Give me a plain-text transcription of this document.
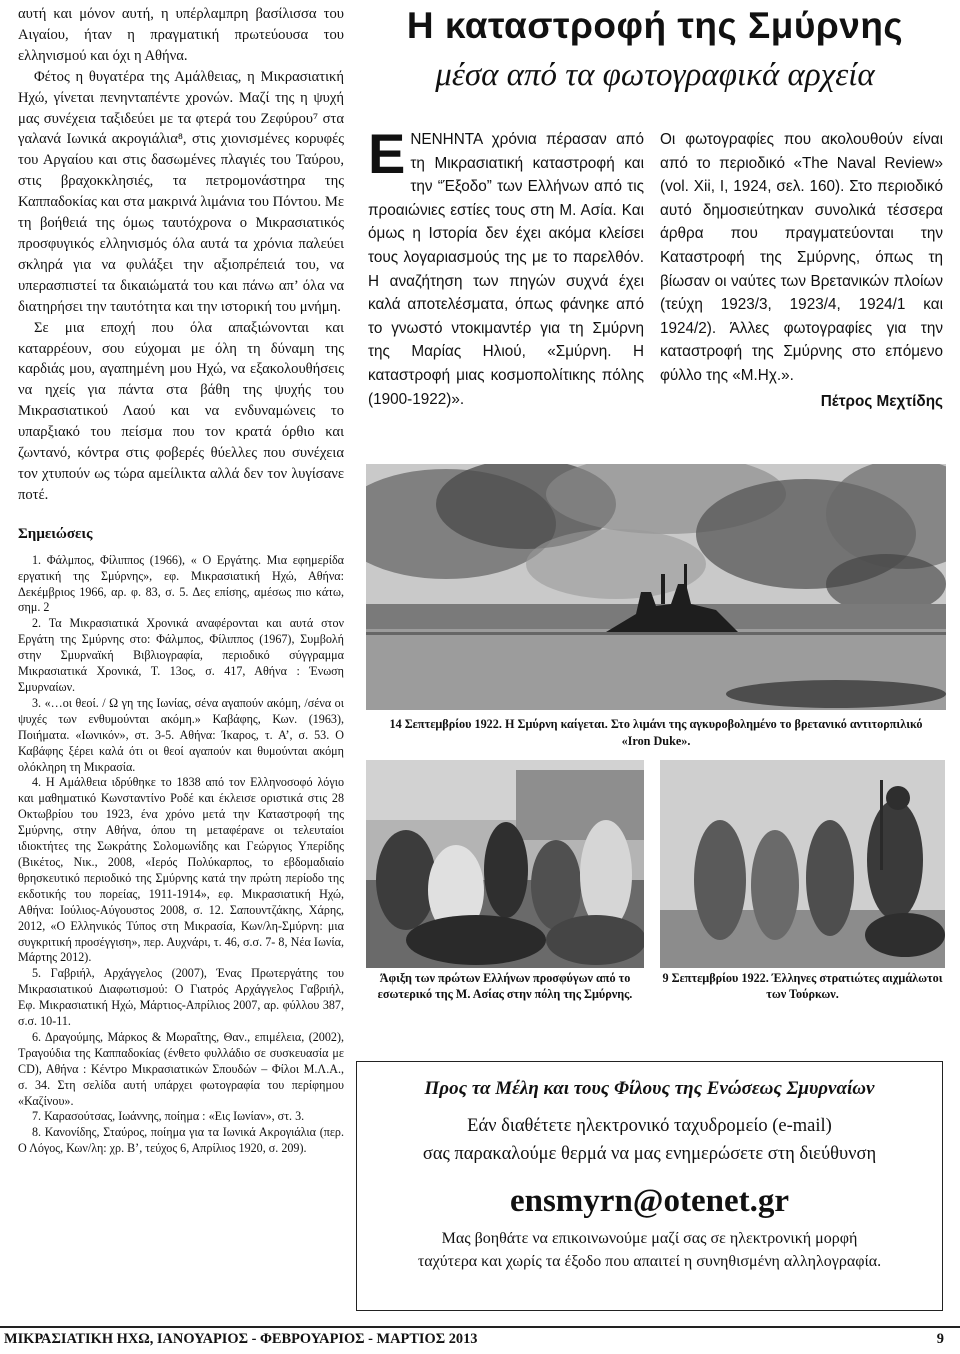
αυτή και μόνον αυτή, η υπέρλαμπρη βασίλισσα του Αιγαίου, ήταν η πραγματική πρωτεύουσα του ελληνισμού και όχι η Αθήνα.

Φέτος η θυγατέρα της Αμάλθειας, η Μικρασιατική Ηχώ, γίνεται πενηνταπέντε χρονών. Μαζί της η ψυχή μας συνέχεια ταξιδεύει με τα φτερά του Ζεφύρου⁷ στα γαλανά Ιωνικά ακρογιάλια⁸, στις χιονισμένες κορυφές του Αργαίου και στις δασωμένες πλαγιές του Ταύρου, στις βραχοκκλησιές, τα πετρομονάστηρα της Καππαδοκίας και στα μακρινά λιμάνια του Πόντου. Με τη βοήθειά της όμως ταυτόχρονα ο Μικρασιατικός προσφυγικός ελληνισμός όλα αυτά τα χρόνια παλεύει σκληρά για να φυλάξει την αξιοπρέπειά του, να υπερασπιστεί τα δικαιώματά του και πάνω απ’ όλα να διατηρήσει την ταυτότητα και την ιστορική του μνήμη.

Σε μια εποχή που όλα απαξιώνονται και καταρρέουν, σου εύχομαι με όλη τη δύναμη της καρδιάς μου, αγαπημένη μου Ηχώ, να εξακολουθήσεις να ηχείς για πάντα στα βάθη της ψυχής του Μικρασιατικού Λαού και να ενδυναμώνεις το υπαρξιακό του πείσμα που τον κρατά όρθιο και ζωντανό, κόντρα στις φοβερές θύελλες που συνέχεια τον χτυπούν ως τώρα αμείλικτα αλλά δεν τον λυγίσανε ποτέ.

Σημειώσεις

1. Φάλμπος, Φίλιππος (1966), « Ο Εργάτης. Μια εφημερίδα εργατική της Σμύρνης», εφ. Μικρασιατική Ηχώ, Αθήνα: Δεκέμβριος 1966, αρ. φ. 83, σ. 5. Δες επίσης, αμέσως πιο κάτω, σημ. 2

2. Τα Μικρασιατικά Χρονικά αναφέρονται και αυτά στον Εργάτη της Σμύρνης στο: Φάλμπος, Φίλιππος (1967), Συμβολή στην Σμυρναϊκή Βιβλιογραφία, περιοδικό σύγγραμμα Μικρασιατικά Χρονικά, Τ. 13ος, σ. 417, Αθήνα : Ένωση Σμυρναίων.

3. «…οι θεοί. / Ω γη της Ιωνίας, σένα αγαπούν ακόμη, /σένα οι ψυχές των ενθυμούνται ακόμη.» Καβάφης, Κων. (1963), Ποιήματα. «Ιωνικόν», στ. 3-5. Αθήνα: Ίκαρος, τ. Α’, σ. 53. Ο Καβάφης ξέρει καλά ότι οι θεοί αγαπούν και θυμούνται ακόμη ολόκληρη τη Μικρασία.

4. Η Αμάλθεια ιδρύθηκε το 1838 από τον Ελληνοσοφό λόγιο και μαθηματικό Κωνσταντίνο Ροδέ και έκλεισε οριστικά στις 28 Οκτωβρίου του 1923, ένα χρόνο μετά την Καταστροφή της Σμύρνης, στην Αθήνα, όπου τη μεταφέρανε οι τελευταίοι ιδιοκτήτες της Σωκράτης Σολομωνίδης και Γεώργιος Υπερίδης (Βικέτος, Νικ., 2008, «Ιερός Πολύκαρπος, το εβδομαδιαίο θρησκευτικό περιοδικό της Σμύρνης κατά την πρώτη περίοδο της εκδοτικής του πορείας, 1911-1914», εφ. Μικρασιατική Ηχώ, Αθήνα: Ιούλιος-Αύγουστος 2008, σ. 12. Σαπουντζάκης, Χάρης, 2012, «Ο Ελληνικός Τύπος στη Μικρασία, Κων/λη-Σμύρνη: μια συγκριτική προσέγγιση», περ. Αυχνάρι, τ. 46, σ.σ. 7- 8, Νέα Ιωνία, Μάρτης 2012).

5. Γαβριήλ, Αρχάγγελος (2007), Ένας Πρωτεργάτης του Μικρασιατικού Διαφωτισμού: Ο Γιατρός Αρχάγγελος Γαβριήλ, Εφ. Μικρασιατική Ηχώ, Μάρτιος-Απρίλιος 2007, αρ. φύλλου 387, σ.σ. 10-11.

6. Δραγούμης, Μάρκος & Μωραΐτης, Θαν., επιμέλεια, (2002), Τραγούδια της Καππαδοκίας (ένθετο φυλλάδιο σε συσκευασία με CD), Αθήνα : Κέντρο Μικρασιατικών Σπουδών – Φίλοι Μ.Λ.Α., σ. 34. Στη σελίδα αυτή υπάρχει φωτογραφία του περίφημου «Καζίνου».

7. Καρασούτσας, Ιωάννης, ποίημα : «Εις Ιωνίαν», στ. 3.

8. Κανονίδης, Σταύρος, ποίημα για τα Ιωνικά Ακρογιάλια (περ. Ο Λόγος, Κων/λη: χρ. Β’, τεύχος 6, Απρίλιος 1920, σ. 209).

Η καταστροφή της Σμύρνης
μέσα από τα φωτογραφικά αρχεία
Ε ΝΕΝΗΝΤΑ χρόνια πέρασαν από τη Μικρασιατική καταστροφή και την “Έξοδο” των Ελλήνων από τις προαιώνιες εστίες τους στη Μ. Ασία. Και όμως η Ιστορία δεν έχει ακόμα κλείσει τους λογαριασμούς της με το παρελθόν. Η αναζήτηση των πηγών συχνά έχει καλά αποτελέσματα, όπως φάνηκε από το γνωστό ντοκιμαντέρ για τη Σμύρνη της Μαρίας Ηλιού, «Σμύρνη. Η καταστροφή μιας κοσμοπολίτικης πόλης (1900-1922)».
Οι φωτογραφίες που ακολουθούν είναι από το περιοδικό «The Naval Review» (vol. Xii, I, 1924, σελ. 160). Στο περιοδικό αυτό δημοσιεύτηκαν συνολικά τέσσερα άρθρα που πραγματεύονται την Καταστροφή της Σμύρνης, όπως τη βίωσαν οι ναύτες των Βρετανικών πλοίων (τεύχη 1923/3, 1923/4, 1924/1 και 1924/2). Άλλες φωτογραφίες για την καταστροφή της Σμύρνης στο επόμενο φύλλο της «Μ.Ηχ.».
Πέτρος Μεχτίδης
14 Σεπτεμβρίου 1922. Η Σμύρνη καίγεται. Στο λιμάνι της αγκυροβολημένο το βρετανικό αντιτορπιλικό «Iron Duke».
Άφιξη των πρώτων Ελλήνων προσφύγων από το εσωτερικό της Μ. Ασίας στην πόλη της Σμύρνης.
9 Σεπτεμβρίου 1922. Έλληνες στρατιώτες αιχμάλωτοι των Τούρκων.
Προς τα Μέλη και τους Φίλους της Ενώσεως Σμυρναίων
Εάν διαθέτετε ηλεκτρονικό ταχυδρομείο (e-mail)
σας παρακαλούμε θερμά να μας ενημερώσετε στη διεύθυνση
ensmyrn@otenet.gr
Μας βοηθάτε να επικοινωνούμε μαζί σας σε ηλεκτρονική μορφή
ταχύτερα και χωρίς τα έξοδο που απαιτεί η συνηθισμένη αλληλογραφία.
ΜΙΚΡΑΣΙΑΤΙΚΗ ΗΧΩ, ΙΑΝΟΥΑΡΙΟΣ - ΦΕΒΡΟΥΑΡΙΟΣ - ΜΑΡΤΙΟΣ 2013	9
